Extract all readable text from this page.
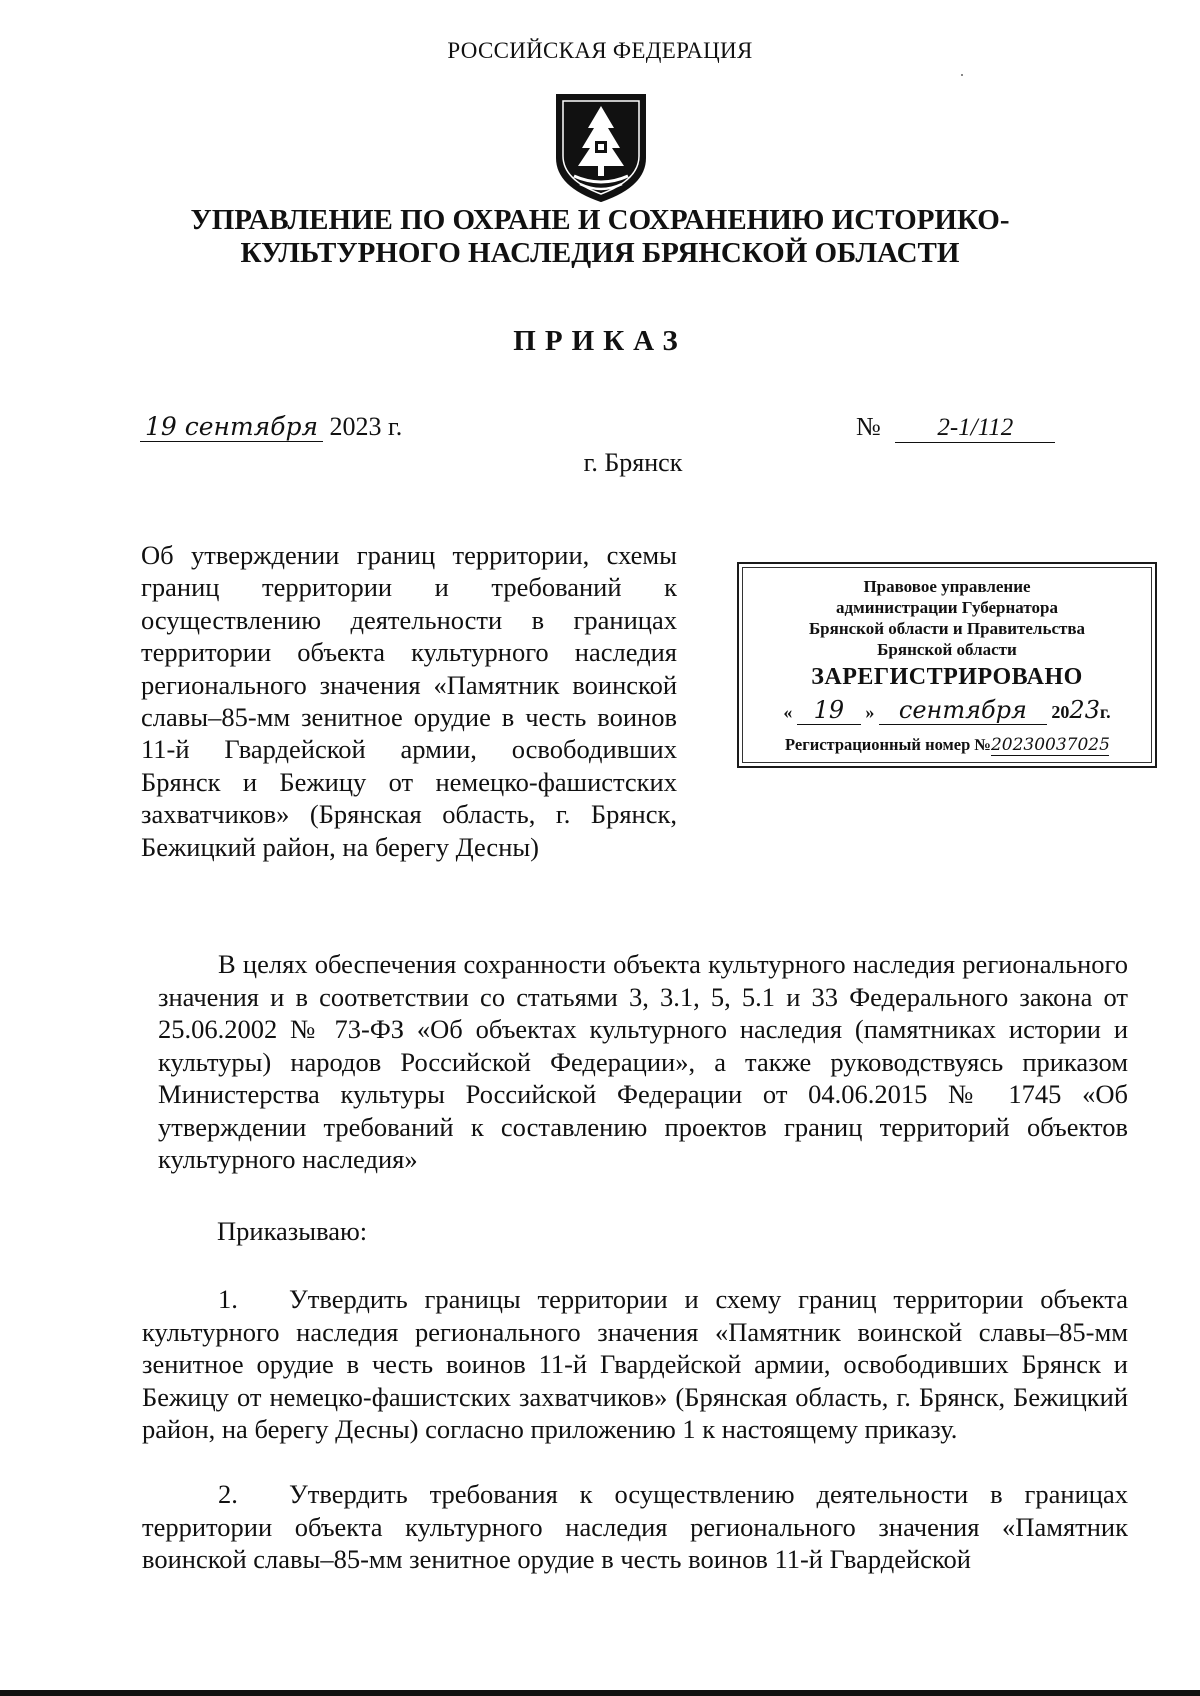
РОССИЙСКАЯ ФЕДЕРАЦИЯ
УПРАВЛЕНИЕ ПО ОХРАНЕ И СОХРАНЕНИЮ ИСТОРИКО-
КУЛЬТУРНОГО НАСЛЕДИЯ БРЯНСКОЙ ОБЛАСТИ
ПРИКАЗ
19 сентября 2023 г.	№ 2-1/112
г. Брянск
Об утверждении границ территории, схемы границ территории и требований к осуществлению деятельности в границах территории объекта культурного наследия регионального значения «Памятник воинской славы–85-мм зенитное орудие в честь воинов 11-й Гвардейской армии, освободивших Брянск и Бежицу от немецко-фашистских захватчиков» (Брянская область, г. Брянск, Бежицкий район, на берегу Десны)
Правовое управление
администрации Губернатора
Брянской области и Правительства
Брянской области
ЗАРЕГИСТРИРОВАНО
« 19 » сентября 2023 г.
Регистрационный номер №20230037025
В целях обеспечения сохранности объекта культурного наследия регионального значения и в соответствии со статьями 3, 3.1, 5, 5.1 и 33 Федерального закона от 25.06.2002 № 73-ФЗ «Об объектах культурного наследия (памятниках истории и культуры) народов Российской Федерации», а также руководствуясь приказом Министерства культуры Российской Федерации от 04.06.2015 № 1745 «Об утверждении требований к составлению проектов границ территорий объектов культурного наследия»
Приказываю:
1. Утвердить границы территории и схему границ территории объекта культурного наследия регионального значения «Памятник воинской славы–85-мм зенитное орудие в честь воинов 11-й Гвардейской армии, освободивших Брянск и Бежицу от немецко-фашистских захватчиков» (Брянская область, г. Брянск, Бежицкий район, на берегу Десны) согласно приложению 1 к настоящему приказу.
2. Утвердить требования к осуществлению деятельности в границах территории объекта культурного наследия регионального значения «Памятник воинской славы–85-мм зенитное орудие в честь воинов 11-й Гвардейской
